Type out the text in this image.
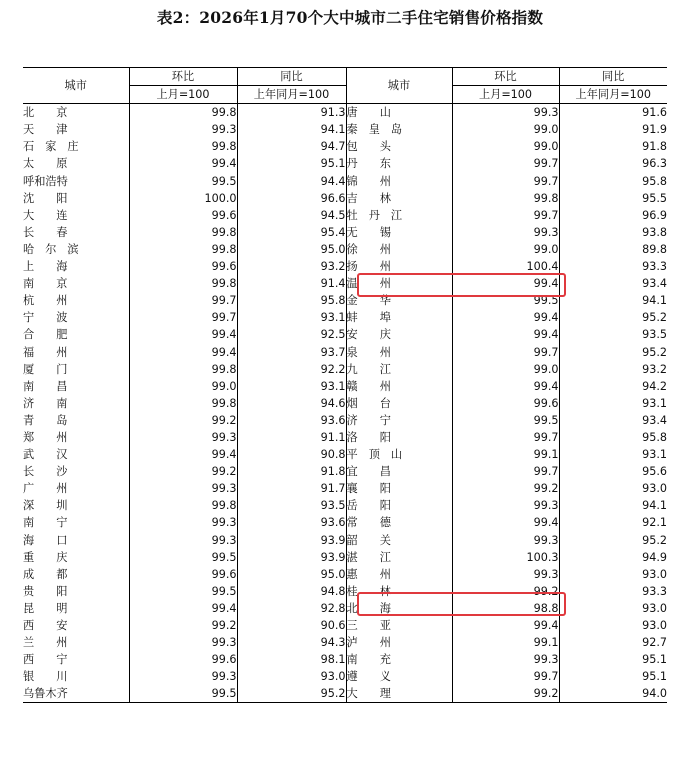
表2：2026年1月70个大中城市二手住宅销售价格指数
城市	环比	同比	城市	环比	同比
	上月=100	上年同月=100		上月=100	上年同月=100
北京	99.8	91.3	唐山	99.3	91.6
天津	99.3	94.1	秦皇岛	99.0	91.9
石家庄	99.8	94.7	包头	99.0	91.8
太原	99.4	95.1	丹东	99.7	96.3
呼和浩特	99.5	94.4	锦州	99.7	95.8
沈阳	100.0	96.6	吉林	99.8	95.5
大连	99.6	94.5	牡丹江	99.7	96.9
长春	99.8	95.4	无锡	99.3	93.8
哈尔滨	99.8	95.0	徐州	99.0	89.8
上海	99.6	93.2	扬州	100.4	93.3
南京	99.8	91.4	温州	99.4	93.4
杭州	99.7	95.8	金华	99.5	94.1
宁波	99.7	93.1	蚌埠	99.4	95.2
合肥	99.4	92.5	安庆	99.4	93.5
福州	99.4	93.7	泉州	99.7	95.2
厦门	99.8	92.2	九江	99.0	93.2
南昌	99.0	93.1	赣州	99.4	94.2
济南	99.8	94.6	烟台	99.6	93.1
青岛	99.2	93.6	济宁	99.5	93.4
郑州	99.3	91.1	洛阳	99.7	95.8
武汉	99.4	90.8	平顶山	99.1	93.1
长沙	99.2	91.8	宜昌	99.7	95.6
广州	99.3	91.7	襄阳	99.2	93.0
深圳	99.8	93.5	岳阳	99.3	94.1
南宁	99.3	93.6	常德	99.4	92.1
海口	99.3	93.9	韶关	99.3	95.2
重庆	99.5	93.9	湛江	100.3	94.9
成都	99.6	95.0	惠州	99.3	93.0
贵阳	99.5	94.8	桂林	99.2	93.3
昆明	99.4	92.8	北海	98.8	93.0
西安	99.2	90.6	三亚	99.4	93.0
兰州	99.3	94.3	泸州	99.1	92.7
西宁	99.6	98.1	南充	99.3	95.1
银川	99.3	93.0	遵义	99.7	95.1
乌鲁木齐	99.5	95.2	大理	99.2	94.0
